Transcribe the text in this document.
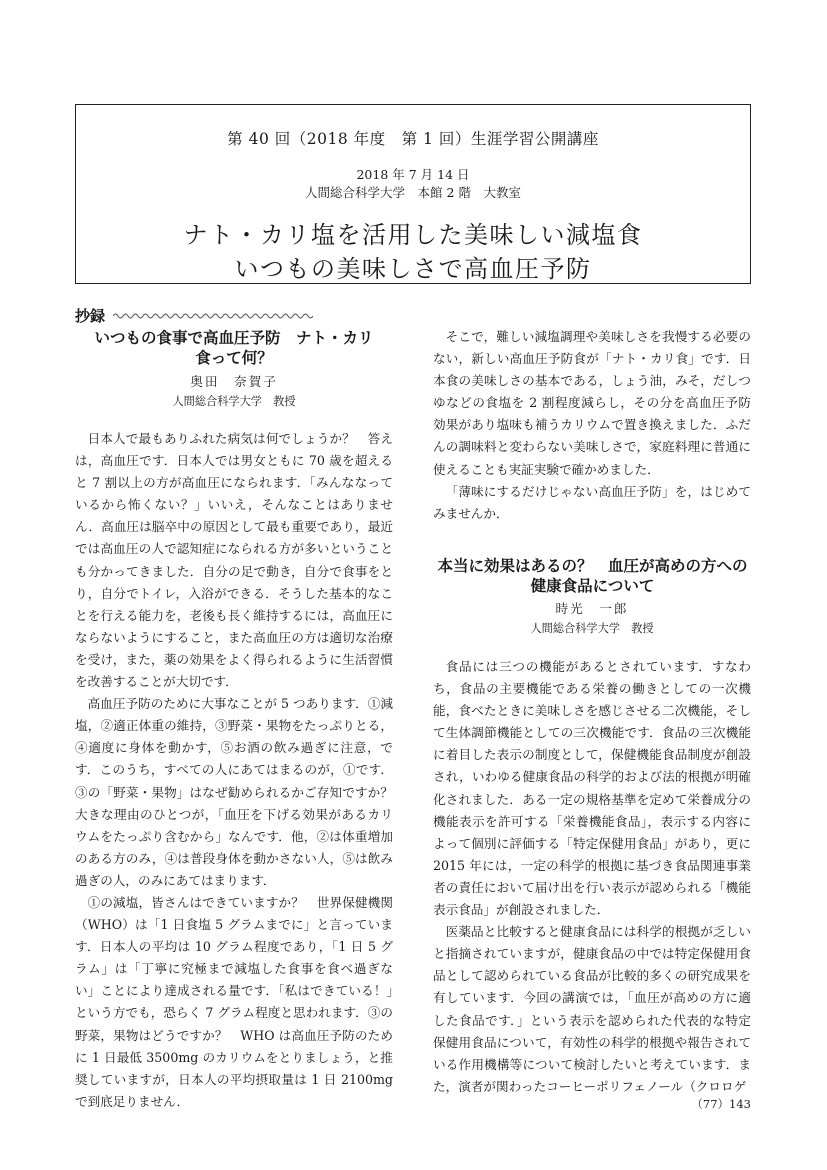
第 40 回（2018 年度　第 1 回）生涯学習公開講座
2018 年 7 月 14 日
人間総合科学大学　本館 2 階　大教室
ナト・カリ塩を活用した美味しい減塩食
いつもの美味しさで高血圧予防
抄録
いつもの食事で高血圧予防　ナト・カリ
食って何？
奥田　奈賀子
人間総合科学大学　教授

日本人で最もありふれた病気は何でしょうか？　答えは，高血圧です．日本人では男女ともに 70 歳を超えると 7 割以上の方が高血圧になられます．「みんななっているから怖くない？」いいえ，そんなことはありません．高血圧は脳卒中の原因として最も重要であり，最近では高血圧の人で認知症になられる方が多いということも分かってきました．自分の足で動き，自分で食事をとり，自分でトイレ，入浴ができる．そうした基本的なことを行える能力を，老後も長く維持するには，高血圧にならないようにすること，また高血圧の方は適切な治療を受け，また，薬の効果をよく得られるように生活習慣を改善することが大切です．

高血圧予防のために大事なことが 5 つあります．①減塩，②適正体重の維持，③野菜・果物をたっぷりとる，④適度に身体を動かす，⑤お酒の飲み過ぎに注意，です．このうち，すべての人にあてはまるのが，①です．③の「野菜・果物」はなぜ勧められるかご存知ですか？　大きな理由のひとつが，「血圧を下げる効果があるカリウムをたっぷり含むから」なんです．他，②は体重増加のある方のみ，④は普段身体を動かさない人，⑤は飲み過ぎの人，のみにあてはまります．

①の減塩，皆さんはできていますか？　世界保健機関（WHO）は「1 日食塩 5 グラムまでに」と言っています．日本人の平均は 10 グラム程度であり，「1 日 5 グラム」は「丁寧に究極まで減塩した食事を食べ過ぎない」ことにより達成される量です．「私はできている！」という方でも，恐らく 7 グラム程度と思われます．③の野菜，果物はどうですか？　WHO は高血圧予防のために 1 日最低 3500mg のカリウムをとりましょう，と推奨していますが，日本人の平均摂取量は 1 日 2100mg で到底足りません．

そこで，難しい減塩調理や美味しさを我慢する必要のない，新しい高血圧予防食が「ナト・カリ食」です．日本食の美味しさの基本である，しょう油，みそ，だしつゆなどの食塩を 2 割程度減らし，その分を高血圧予防効果があり塩味も補うカリウムで置き換えました．ふだんの調味料と変わらない美味しさで，家庭料理に普通に使えることも実証実験で確かめました．

「薄味にするだけじゃない高血圧予防」を，はじめてみませんか．

本当に効果はあるの？　血圧が高めの方への
健康食品について
時光　一郎
人間総合科学大学　教授

食品には三つの機能があるとされています．すなわち，食品の主要機能である栄養の働きとしての一次機能，食べたときに美味しさを感じさせる二次機能，そして生体調節機能としての三次機能です．食品の三次機能に着目した表示の制度として，保健機能食品制度が創設され，いわゆる健康食品の科学的および法的根拠が明確化されました．ある一定の規格基準を定めて栄養成分の機能表示を許可する「栄養機能食品」，表示する内容によって個別に評価する「特定保健用食品」があり，更に 2015 年には，一定の科学的根拠に基づき食品関連事業者の責任において届け出を行い表示が認められる「機能表示食品」が創設されました．

医薬品と比較すると健康食品には科学的根拠が乏しいと指摘されていますが，健康食品の中では特定保健用食品として認められている食品が比較的多くの研究成果を有しています．今回の講演では，「血圧が高めの方に適した食品です．」という表示を認められた代表的な特定保健用食品について，有効性の科学的根拠や報告されている作用機構等について検討したいと考えています．また，演者が関わったコーヒーポリフェノール（クロロゲ

（77）143
